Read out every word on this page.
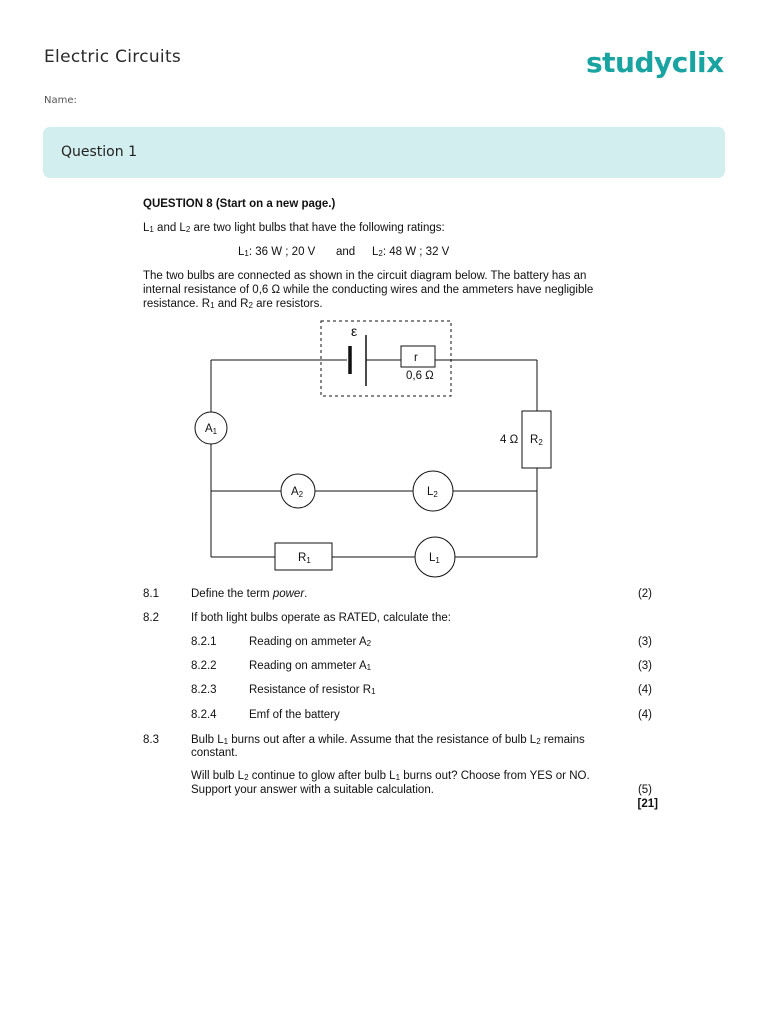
Electric Circuits	studyclix
Name:
Question 1
QUESTION 8 (Start on a new page.)
$L_1$ and $L_2$ are two light bulbs that have the following ratings:
$L_1$: 36 W ; 20 V and $L_2$: 48 W ; 32 V
The two bulbs are connected as shown in the circuit diagram below. The battery has an
internal resistance of 0,6 Ω while the conducting wires and the ammeters have negligible
resistance. $R_1$ and $R_2$ are resistors.
ε
r
0,6 Ω
A1
A2	L2
L1
R1
4 Ω R2
8.1	Define the term power.	(2)
8.2	If both light bulbs operate as RATED, calculate the:
8.2.1	Reading on ammeter $A_2$	(3)
8.2.2	Reading on ammeter $A_1$	(3)
8.2.3	Resistance of resistor $R_1$	(4)
8.2.4	Emf of the battery	(4)
8.3	Bulb $L_1$ burns out after a while. Assume that the resistance of bulb $L_2$ remains
constant.
Will bulb $L_2$ continue to glow after bulb $L_1$ burns out? Choose from YES or NO.
Support your answer with a suitable calculation.	(5)
[21]
